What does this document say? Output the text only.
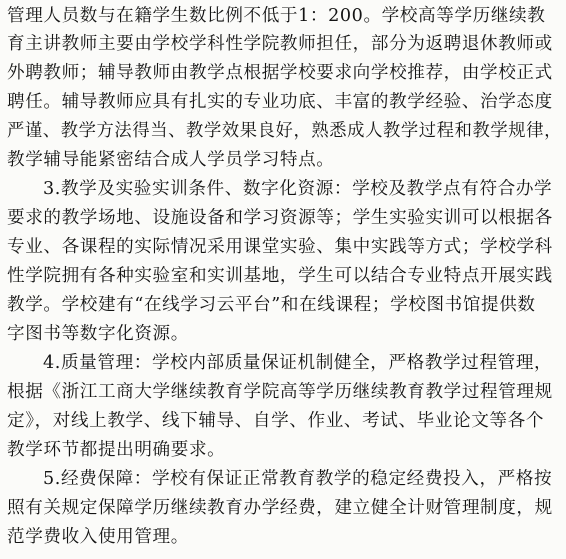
管理人员数与在籍学生数比例不低于1：200。学校高等学历继续教
育主讲教师主要由学校学科性学院教师担任，部分为返聘退休教师或
外聘教师；辅导教师由教学点根据学校要求向学校推荐，由学校正式
聘任。辅导教师应具有扎实的专业功底、丰富的教学经验、治学态度
严谨、教学方法得当、教学效果良好，熟悉成人教学过程和教学规律，
教学辅导能紧密结合成人学员学习特点。
3.教学及实验实训条件、数字化资源：学校及教学点有符合办学
要求的教学场地、设施设备和学习资源等；学生实验实训可以根据各
专业、各课程的实际情况采用课堂实验、集中实践等方式；学校学科
性学院拥有各种实验室和实训基地，学生可以结合专业特点开展实践
教学。学校建有“在线学习云平台”和在线课程；学校图书馆提供数
字图书等数字化资源。
4.质量管理：学校内部质量保证机制健全，严格教学过程管理，
根据《浙江工商大学继续教育学院高等学历继续教育教学过程管理规
定》，对线上教学、线下辅导、自学、作业、考试、毕业论文等各个
教学环节都提出明确要求。
5.经费保障：学校有保证正常教育教学的稳定经费投入，严格按
照有关规定保障学历继续教育办学经费，建立健全计财管理制度，规
范学费收入使用管理。
